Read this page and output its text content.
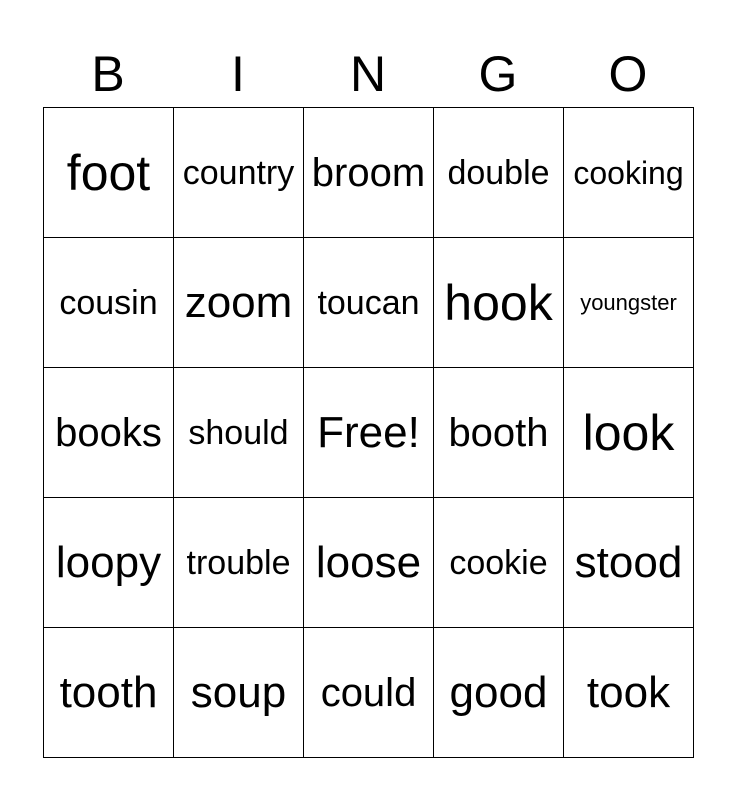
B	I	N	G	O
foot country broom double cooking
cousin zoom toucan hook	youngster
books should Free! booth look
loopy trouble loose cookie stood
tooth soup could good took
